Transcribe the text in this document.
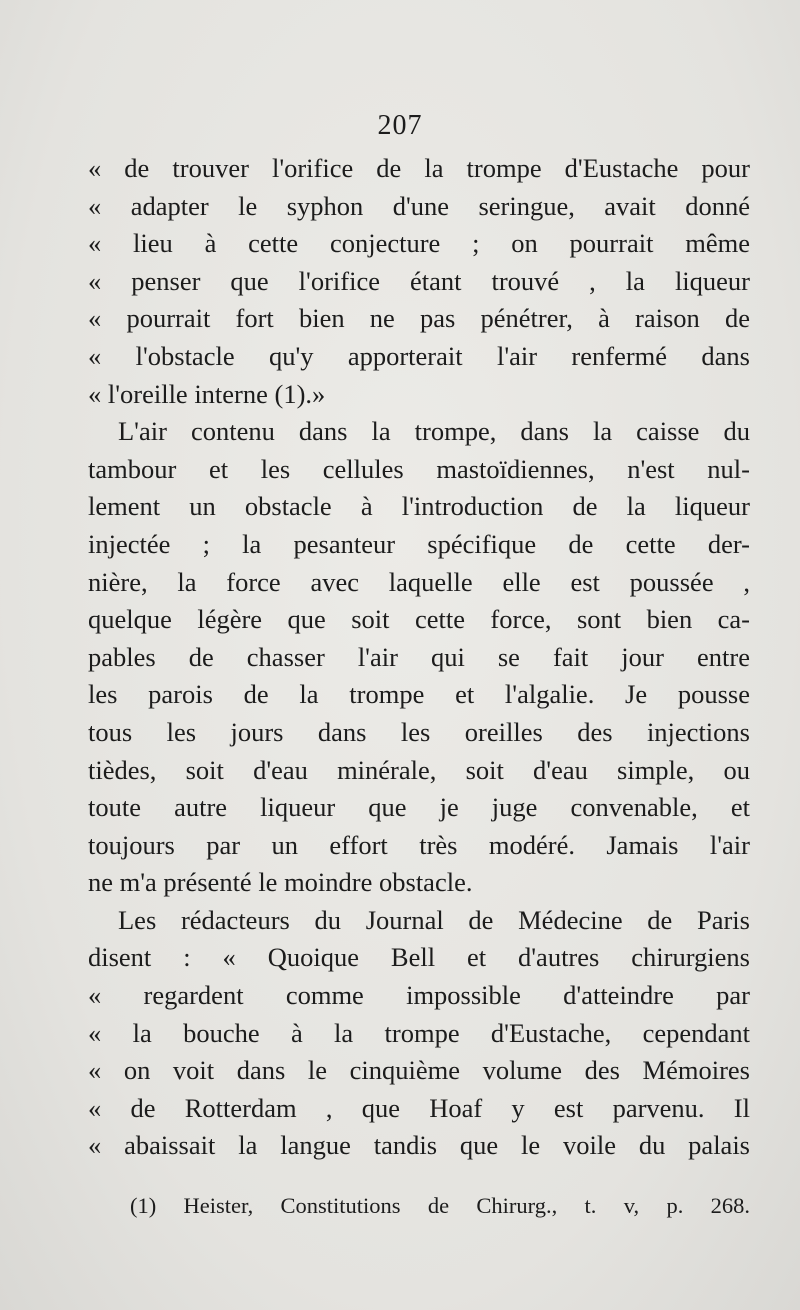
207
« de trouver l'orifice de la trompe d'Eustache pour
« adapter le syphon d'une seringue, avait donné
« lieu à cette conjecture ; on pourrait même
« penser que l'orifice étant trouvé , la liqueur
« pourrait fort bien ne pas pénétrer, à raison de
« l'obstacle qu'y apporterait l'air renfermé dans
« l'oreille interne (1).»
L'air contenu dans la trompe, dans la caisse du
tambour et les cellules mastoïdiennes, n'est nul-
lement un obstacle à l'introduction de la liqueur
injectée ; la pesanteur spécifique de cette der-
nière, la force avec laquelle elle est poussée ,
quelque légère que soit cette force, sont bien ca-
pables de chasser l'air qui se fait jour entre
les parois de la trompe et l'algalie. Je pousse
tous les jours dans les oreilles des injections
tièdes, soit d'eau minérale, soit d'eau simple, ou
toute autre liqueur que je juge convenable, et
toujours par un effort très modéré. Jamais l'air
ne m'a présenté le moindre obstacle.
Les rédacteurs du Journal de Médecine de Paris
disent : « Quoique Bell et d'autres chirurgiens
« regardent comme impossible d'atteindre par
« la bouche à la trompe d'Eustache, cependant
« on voit dans le cinquième volume des Mémoires
« de Rotterdam , que Hoaf y est parvenu. Il
« abaissait la langue tandis que le voile du palais
(1) Heister, Constitutions de Chirurg., t. v, p. 268.
